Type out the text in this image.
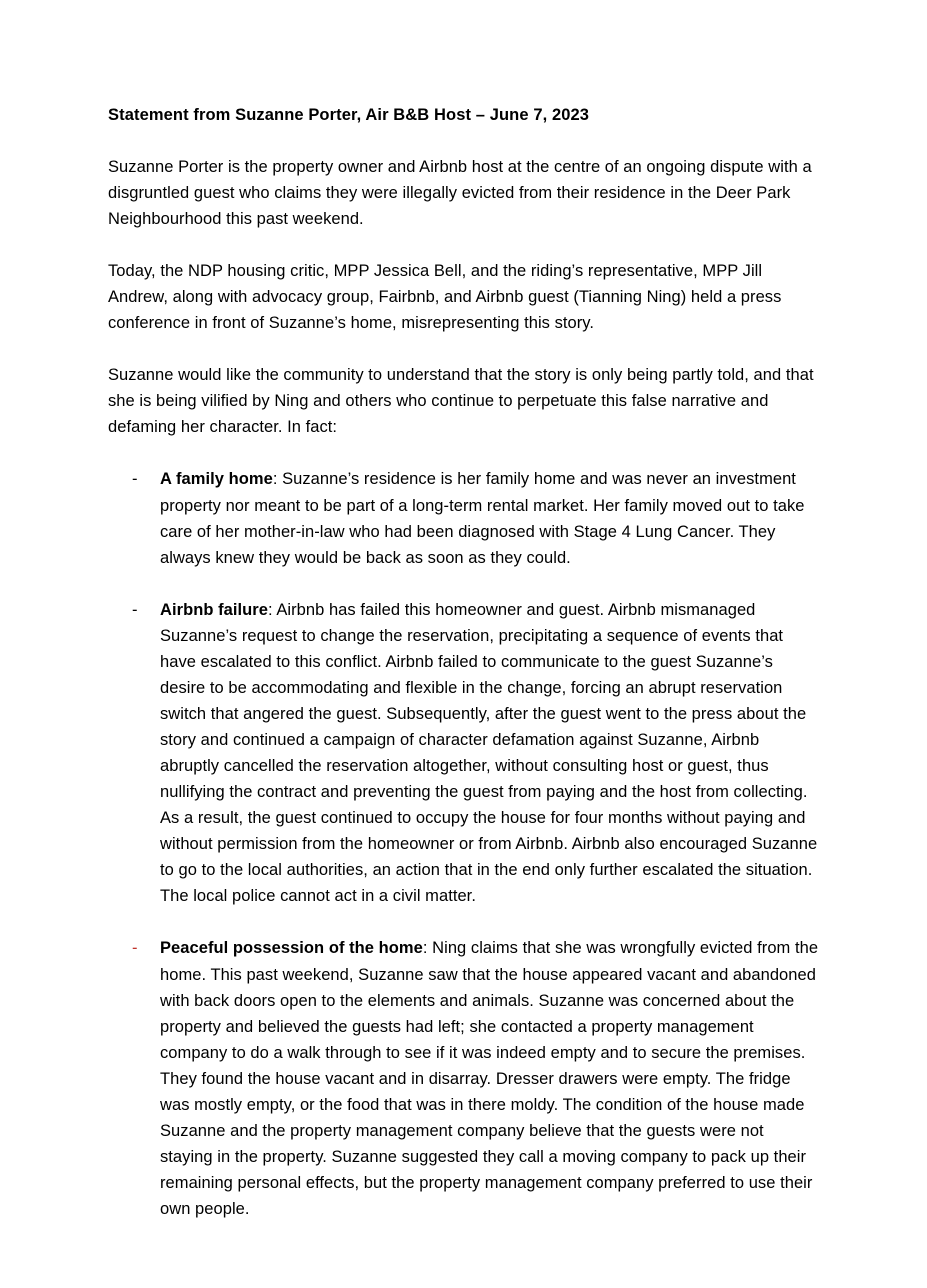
Statement from Suzanne Porter, Air B&B Host – June 7, 2023

Suzanne Porter is the property owner and Airbnb host at the centre of an ongoing dispute with a disgruntled guest who claims they were illegally evicted from their residence in the Deer Park Neighbourhood this past weekend.

Today, the NDP housing critic, MPP Jessica Bell, and the riding’s representative, MPP Jill Andrew, along with advocacy group, Fairbnb, and Airbnb guest (Tianning Ning) held a press conference in front of Suzanne’s home, misrepresenting this story.

Suzanne would like the community to understand that the story is only being partly told, and that she is being vilified by Ning and others who continue to perpetuate this false narrative and defaming her character. In fact:

-	A family home: Suzanne’s residence is her family home and was never an investment property nor meant to be part of a long-term rental market. Her family moved out to take care of her mother-in-law who had been diagnosed with Stage 4 Lung Cancer. They always knew they would be back as soon as they could.
-	Airbnb failure: Airbnb has failed this homeowner and guest. Airbnb mismanaged Suzanne’s request to change the reservation, precipitating a sequence of events that have escalated to this conflict. Airbnb failed to communicate to the guest Suzanne’s desire to be accommodating and flexible in the change, forcing an abrupt reservation switch that angered the guest. Subsequently, after the guest went to the press about the story and continued a campaign of character defamation against Suzanne, Airbnb abruptly cancelled the reservation altogether, without consulting host or guest, thus nullifying the contract and preventing the guest from paying and the host from collecting. As a result, the guest continued to occupy the house for four months without paying and without permission from the homeowner or from Airbnb. Airbnb also encouraged Suzanne to go to the local authorities, an action that in the end only further escalated the situation. The local police cannot act in a civil matter.
-	Peaceful possession of the home: Ning claims that she was wrongfully evicted from the home. This past weekend, Suzanne saw that the house appeared vacant and abandoned with back doors open to the elements and animals. Suzanne was concerned about the property and believed the guests had left; she contacted a property management company to do a walk through to see if it was indeed empty and to secure the premises. They found the house vacant and in disarray. Dresser drawers were empty. The fridge was mostly empty, or the food that was in there moldy. The condition of the house made Suzanne and the property management company believe that the guests were not staying in the property. Suzanne suggested they call a moving company to pack up their remaining personal effects, but the property management company preferred to use their own people.
